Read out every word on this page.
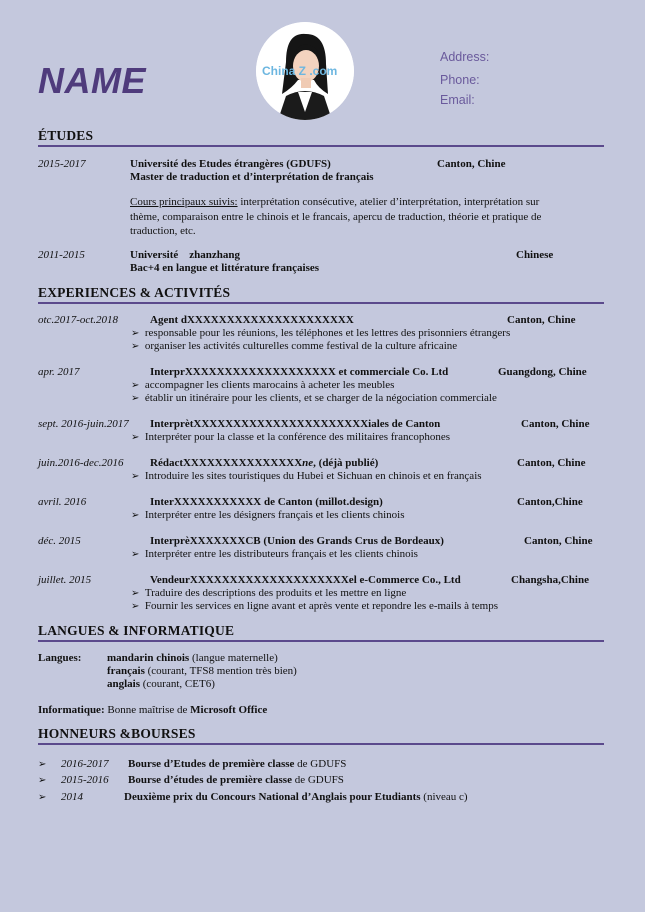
NAME	China Z .com
Address:
Phone:
Email:
ÉTUDES
2015-2017	Université des Etudes étrangères (GDUFS)	Canton, Chine
Master de traduction et d’interprétation de français
Cours principaux suivis: interprétation consécutive, atelier d’interprétation, interprétation sur
thème, comparaison entre le chinois et le francais, apercu de traduction, théorie et pratique de
traduction, etc.
2011-2015	Université    zhanzhang	Chinese
Bac+4 en langue et littérature françaises
EXPERIENCES & ACTIVITÉS
otc.2017-oct.2018	Agent dXXXXXXXXXXXXXXXXXXXXX	Canton, Chine
➢ responsable pour les réunions, les téléphones et les lettres des prisonniers étrangers
➢ organiser les activités culturelles comme festival de la culture africaine
apr. 2017	InterprXXXXXXXXXXXXXXXXXXX et commerciale Co. Ltd	Guangdong, Chine
➢ accompagner les clients marocains à acheter les meubles
➢ établir un itinéraire pour les clients, et se charger de la négociation commerciale
sept. 2016-juin.2017 InterprètXXXXXXXXXXXXXXXXXXXXXXiales de Canton	Canton, Chine
➢ Interpréter pour la classe et la conférence des militaires francophones
juin.2016-dec.2016 RédactXXXXXXXXXXXXXXXne, (déjà publié)	Canton, Chine
➢ Introduire les sites touristiques du Hubei et Sichuan en chinois et en français
avril. 2016	InterXXXXXXXXXXX de Canton (millot.design)	Canton,Chine
➢ Interpréter entre les désigners français et les clients chinois
déc. 2015	InterprèXXXXXXXCB (Union des Grands Crus de Bordeaux)	Canton, Chine
➢ Interpréter entre les distributeurs français et les clients chinois
juillet. 2015	VendeurXXXXXXXXXXXXXXXXXXXXel e-Commerce Co., Ltd	Changsha,Chine
➢ Traduire des descriptions des produits et les mettre en ligne
➢ Fournir les services en ligne avant et après vente et repondre les e-mails à temps
LANGUES & INFORMATIQUE
Langues: mandarin chinois (langue maternelle)
français (courant, TFS8 mention très bien)
anglais (courant, CET6)
Informatique: Bonne maîtrise de Microsoft Office
HONNEURS &BOURSES
➢ 2016-2017 Bourse d’Etudes de première classe de GDUFS
➢ 2015-2016 Bourse d’études de première classe de GDUFS
➢ 2014	Deuxième prix du Concours National d’Anglais pour Etudiants (niveau c)
